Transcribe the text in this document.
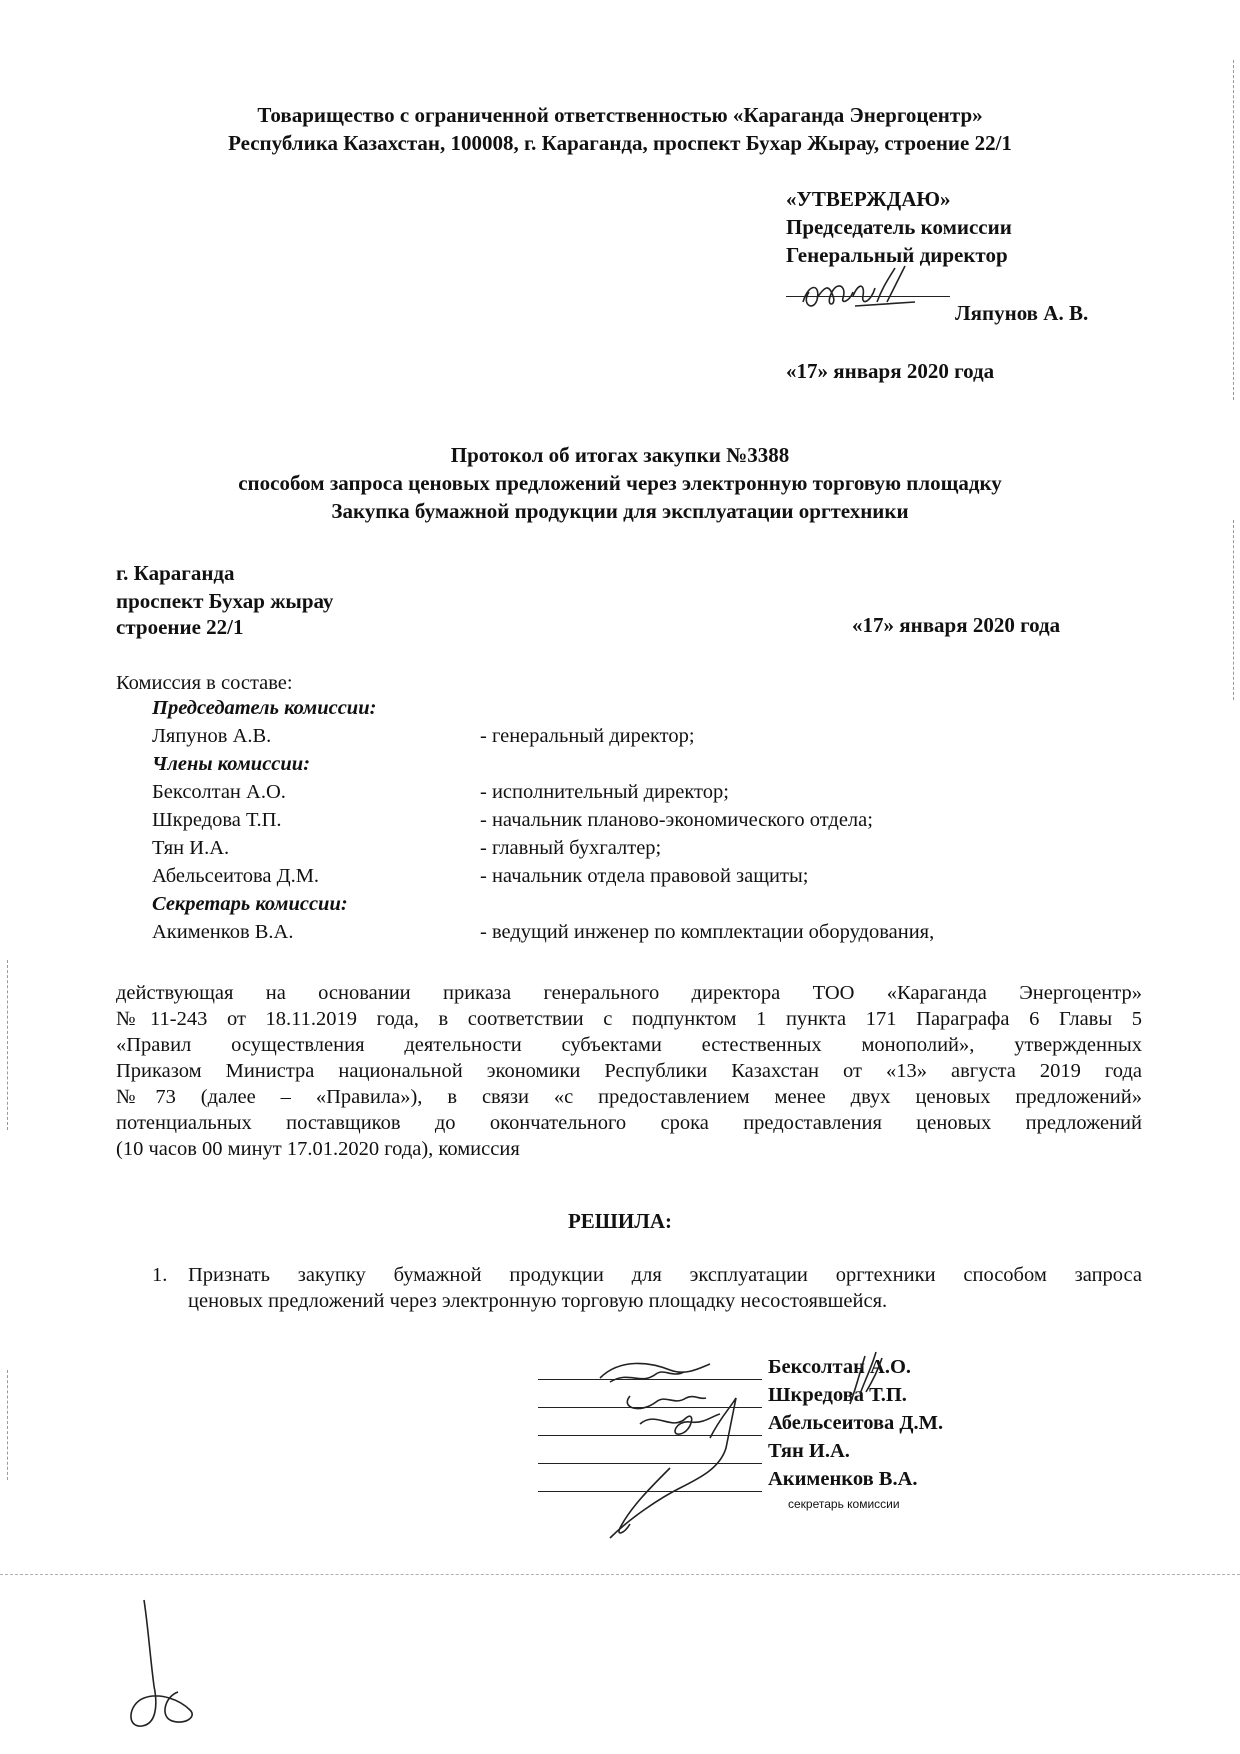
Товарищество с ограниченной ответственностью «Караганда Энергоцентр»
Республика Казахстан, 100008, г. Караганда, проспект Бухар Жырау, строение 22/1
«УТВЕРЖДАЮ»
Председатель комиссии
Генеральный директор
Ляпунов А. В.
«17» января 2020 года
Протокол об итогах закупки №3388
способом запроса ценовых предложений через электронную торговую площадку
Закупка бумажной продукции для эксплуатации оргтехники
г. Караганда
проспект Бухар жырау
строение 22/1	«17» января 2020 года
Комиссия в составе:
Председатель комиссии:
Ляпунов А.В.	- генеральный директор;
Члены комиссии:
Бексолтан А.О.	- исполнительный директор;
Шкредова Т.П.	- начальник планово-экономического отдела;
Тян И.А.	- главный бухгалтер;
Абельсеитова Д.М.	- начальник отдела правовой защиты;
Секретарь комиссии:
Акименков В.А.	- ведущий инженер по комплектации оборудования,
действующая на основании приказа генерального директора ТОО «Караганда Энергоцентр»
№11-243 от 18.11.2019 года, в соответствии с подпунктом 1 пункта 171 Параграфа 6 Главы 5
«Правил осуществления деятельности субъектами естественных монополий», утвержденных
Приказом Министра национальной экономики Республики Казахстан от «13» августа 2019 года
№73 (далее – «Правила»), в связи «с предоставлением менее двух ценовых предложений»
потенциальных поставщиков до окончательного срока предоставления ценовых предложений
(10 часов 00 минут 17.01.2020 года), комиссия
РЕШИЛА:
1. Признать закупку бумажной продукции для эксплуатации оргтехники способом запроса
ценовых предложений через электронную торговую площадку несостоявшейся.
Бексолтан А.О.
Шкредова Т.П.
Абельсеитова Д.М.
Тян И.А.
Акименков В.А.
секретарь комиссии
